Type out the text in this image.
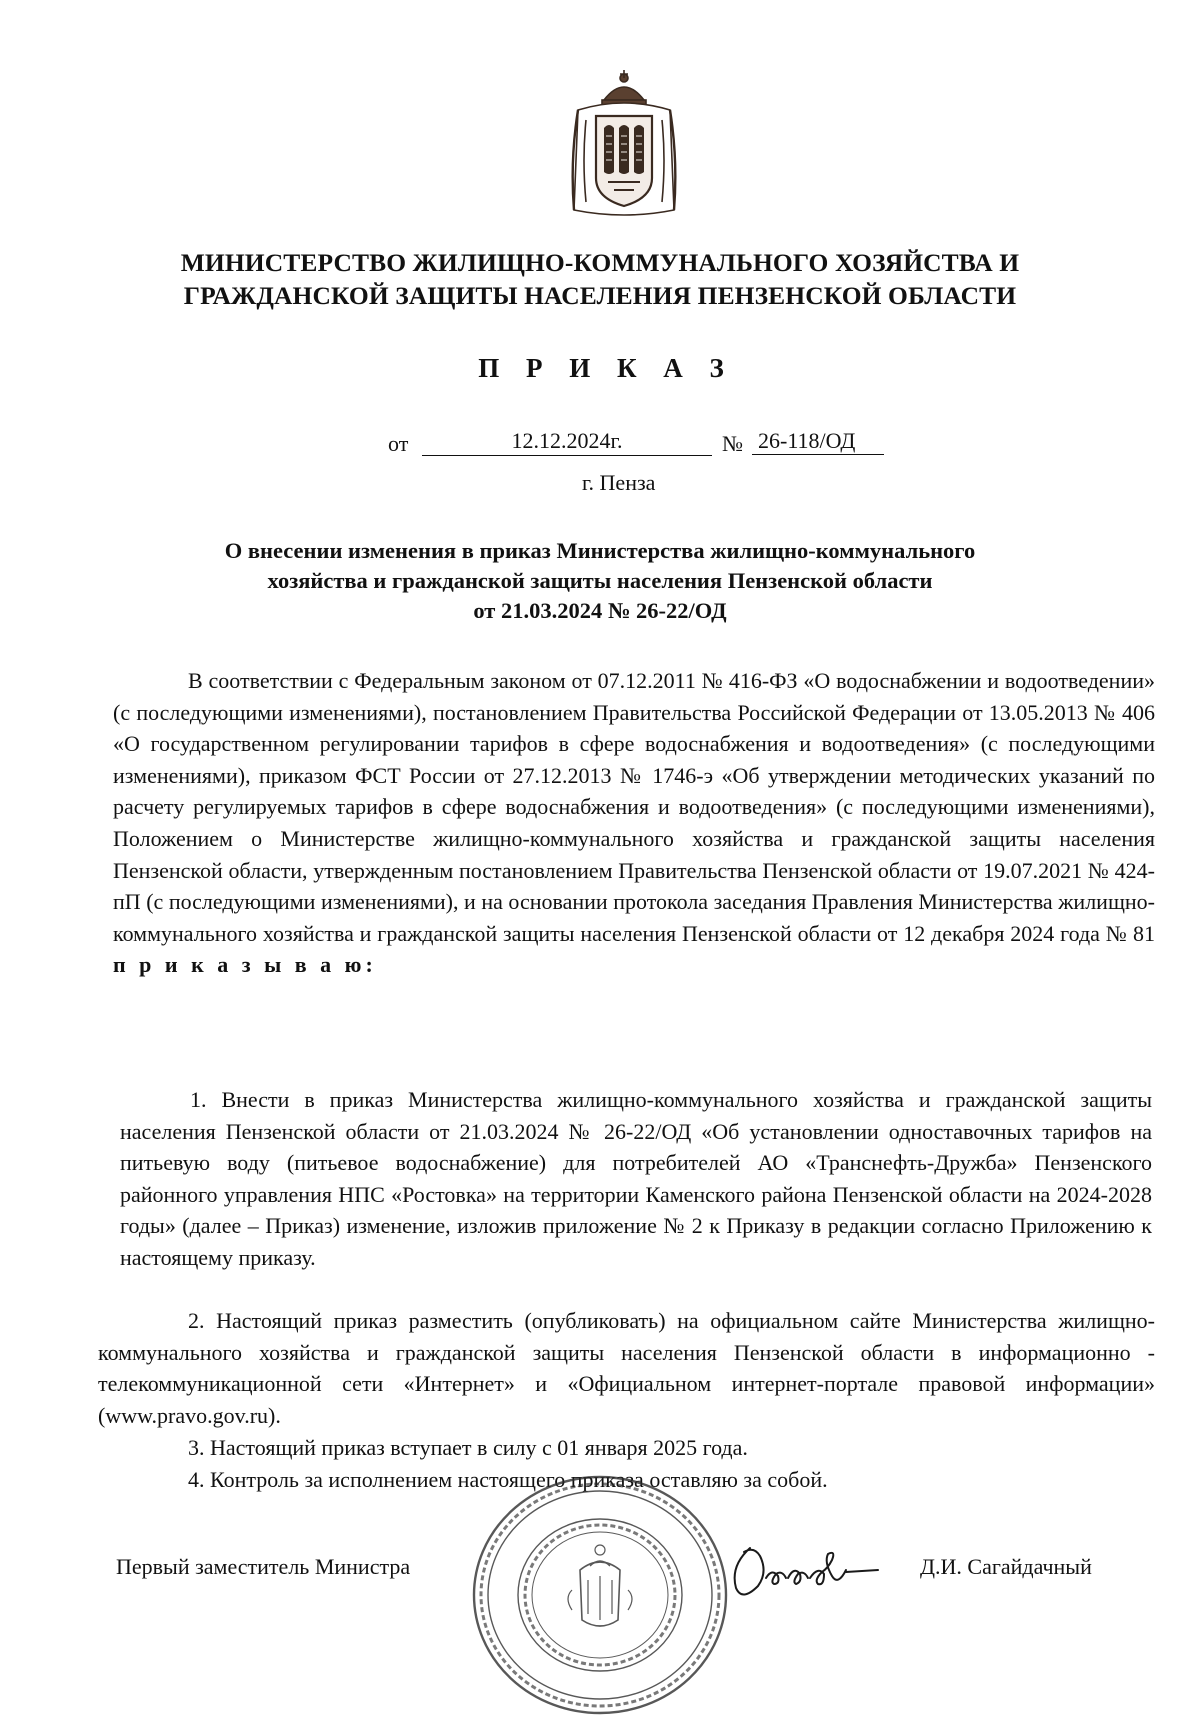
МИНИСТЕРСТВО ЖИЛИЩНО-КОММУНАЛЬНОГО ХОЗЯЙСТВА И
ГРАЖДАНСКОЙ ЗАЩИТЫ НАСЕЛЕНИЯ ПЕНЗЕНСКОЙ ОБЛАСТИ
П Р И К А З
от	12.12.2024г.	№ 26-118/ОД
г. Пенза
О внесении изменения в приказ Министерства жилищно-коммунального
хозяйства и гражданской защиты населения Пензенской области
от 21.03.2024 № 26-22/ОД
В соответствии с Федеральным законом от 07.12.2011 № 416-ФЗ «О водоснабжении и водоотведении» (с последующими изменениями), постановлением Правительства Российской Федерации от 13.05.2013 № 406 «О государственном регулировании тарифов в сфере водоснабжения и водоотведения» (с последующими изменениями), приказом ФСТ России от 27.12.2013 № 1746-э «Об утверждении методических указаний по расчету регулируемых тарифов в сфере водоснабжения и водоотведения» (с последующими изменениями), Положением о Министерстве жилищно-коммунального хозяйства и гражданской защиты населения Пензенской области, утвержденным постановлением Правительства Пензенской области от 19.07.2021 № 424-пП (с последующими изменениями), и на основании протокола заседания Правления Министерства жилищно-коммунального хозяйства и гражданской защиты населения Пензенской области от 12 декабря 2024 года № 81 п р и к а з ы в а ю:
1. Внести в приказ Министерства жилищно-коммунального хозяйства и гражданской защиты населения Пензенской области от 21.03.2024 № 26-22/ОД «Об установлении одноставочных тарифов на питьевую воду (питьевое водоснабжение) для потребителей АО «Транснефть-Дружба» Пензенского районного управления НПС «Ростовка» на территории Каменского района Пензенской области на 2024-2028 годы» (далее – Приказ) изменение, изложив приложение № 2 к Приказу в редакции согласно Приложению к настоящему приказу.
2. Настоящий приказ разместить (опубликовать) на официальном сайте Министерства жилищно-коммунального хозяйства и гражданской защиты населения Пензенской области в информационно - телекоммуникационной сети «Интернет» и «Официальном интернет-портале правовой информации» (www.pravo.gov.ru).
3. Настоящий приказ вступает в силу с 01 января 2025 года.
4. Контроль за исполнением настоящего приказа оставляю за собой.
Первый заместитель Министра	Д.И. Сагайдачный
